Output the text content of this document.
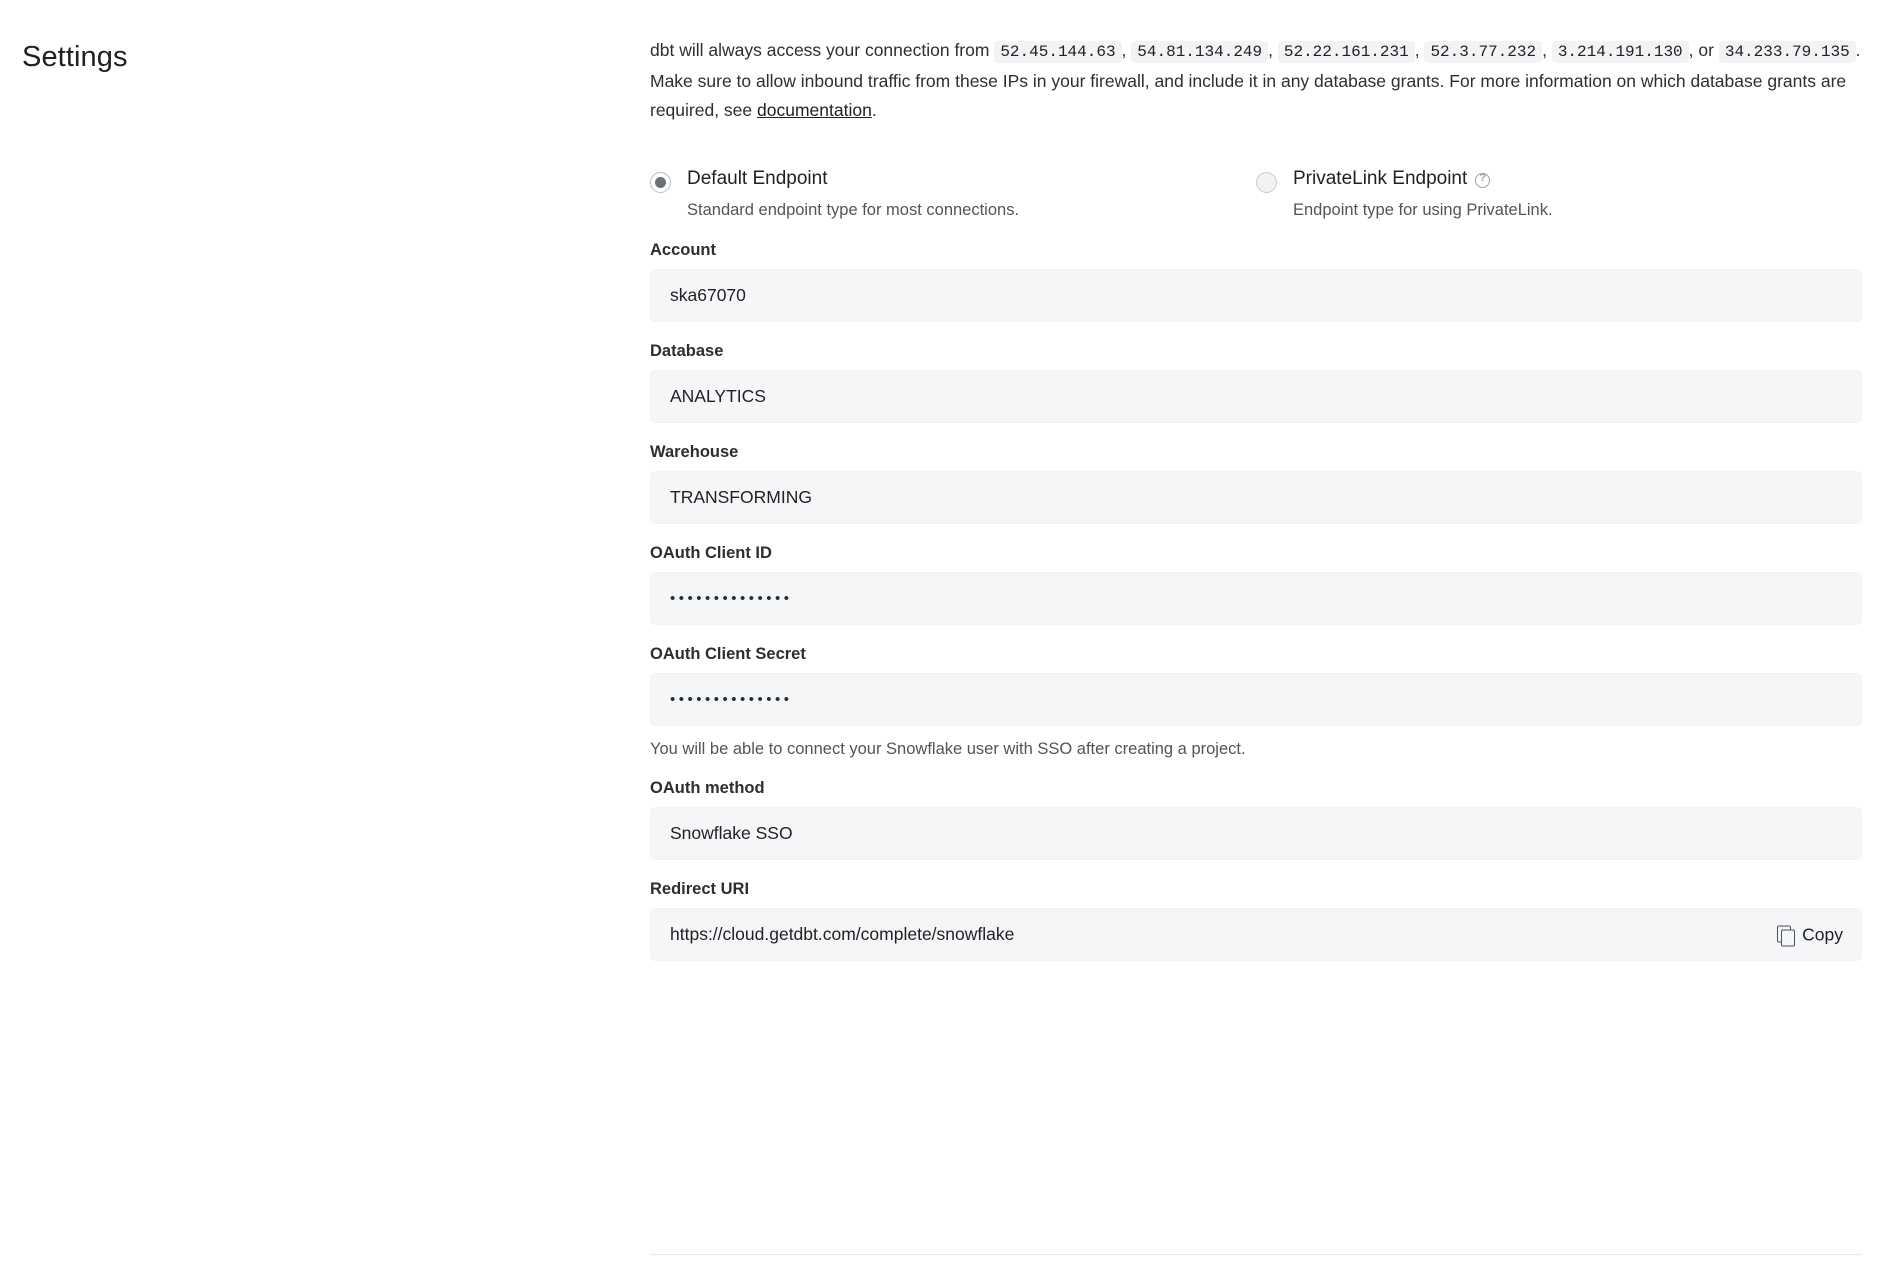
Settings	dbt will always access your connection from 52.45.144.63 , 54.81.134.249 , 52.22.161.231 , 52.3.77.232 , 3.214.191.130 , or 34.233.79.135 . Make sure to allow inbound traffic from these IPs in your firewall, and include it in any database grants. For more information on which database grants are required, see documentation.
Default Endpoint
Standard endpoint type for most connections.
PrivateLink Endpoint
?
Endpoint type for using PrivateLink.
Account
ska67070
Database
ANALYTICS
Warehouse
TRANSFORMING
OAuth Client ID
••••••••••••••
OAuth Client Secret
••••••••••••••
You will be able to connect your Snowflake user with SSO after creating a project.
OAuth method
Snowflake SSO
Redirect URI
https://cloud.getdbt.com/complete/snowflake	Copy
